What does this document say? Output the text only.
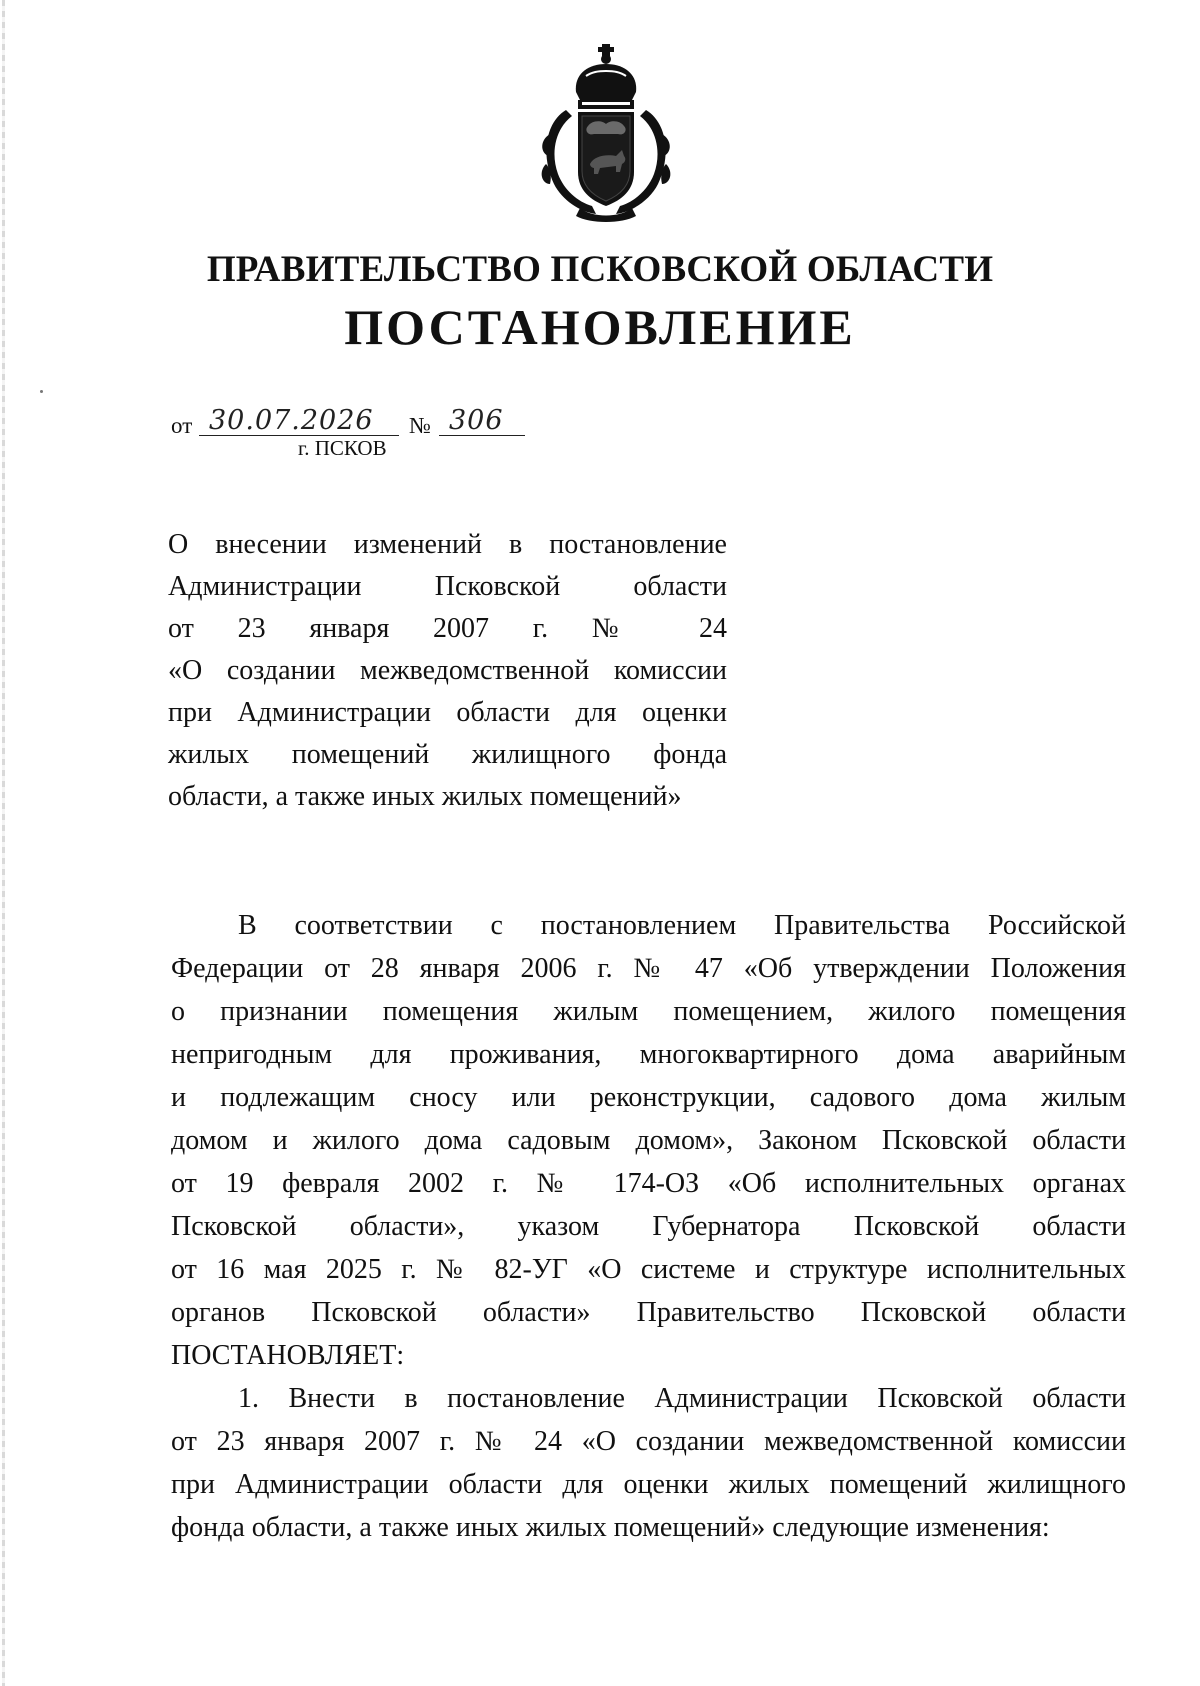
ПРАВИТЕЛЬСТВО ПСКОВСКОЙ ОБЛАСТИ
ПОСТАНОВЛЕНИЕ
от 30.07.2026 № 306
г. ПСКОВ
О внесении изменений в постановление
Администрации Псковской области
от 23 января 2007 г. № 24
«О создании межведомственной комиссии
при Администрации области для оценки
жилых помещений жилищного фонда
области, а также иных жилых помещений»
В соответствии с постановлением Правительства Российской
Федерации от 28 января 2006 г. № 47 «Об утверждении Положения
о признании помещения жилым помещением, жилого помещения
непригодным для проживания, многоквартирного дома аварийным
и подлежащим сносу или реконструкции, садового дома жилым
домом и жилого дома садовым домом», Законом Псковской области
от 19 февраля 2002 г. № 174-ОЗ «Об исполнительных органах
Псковской области», указом Губернатора Псковской области
от 16 мая 2025 г. № 82-УГ «О системе и структуре исполнительных
органов Псковской области» Правительство Псковской области
ПОСТАНОВЛЯЕТ:
1. Внести в постановление Администрации Псковской области
от 23 января 2007 г. № 24 «О создании межведомственной комиссии
при Администрации области для оценки жилых помещений жилищного
фонда области, а также иных жилых помещений» следующие изменения:
